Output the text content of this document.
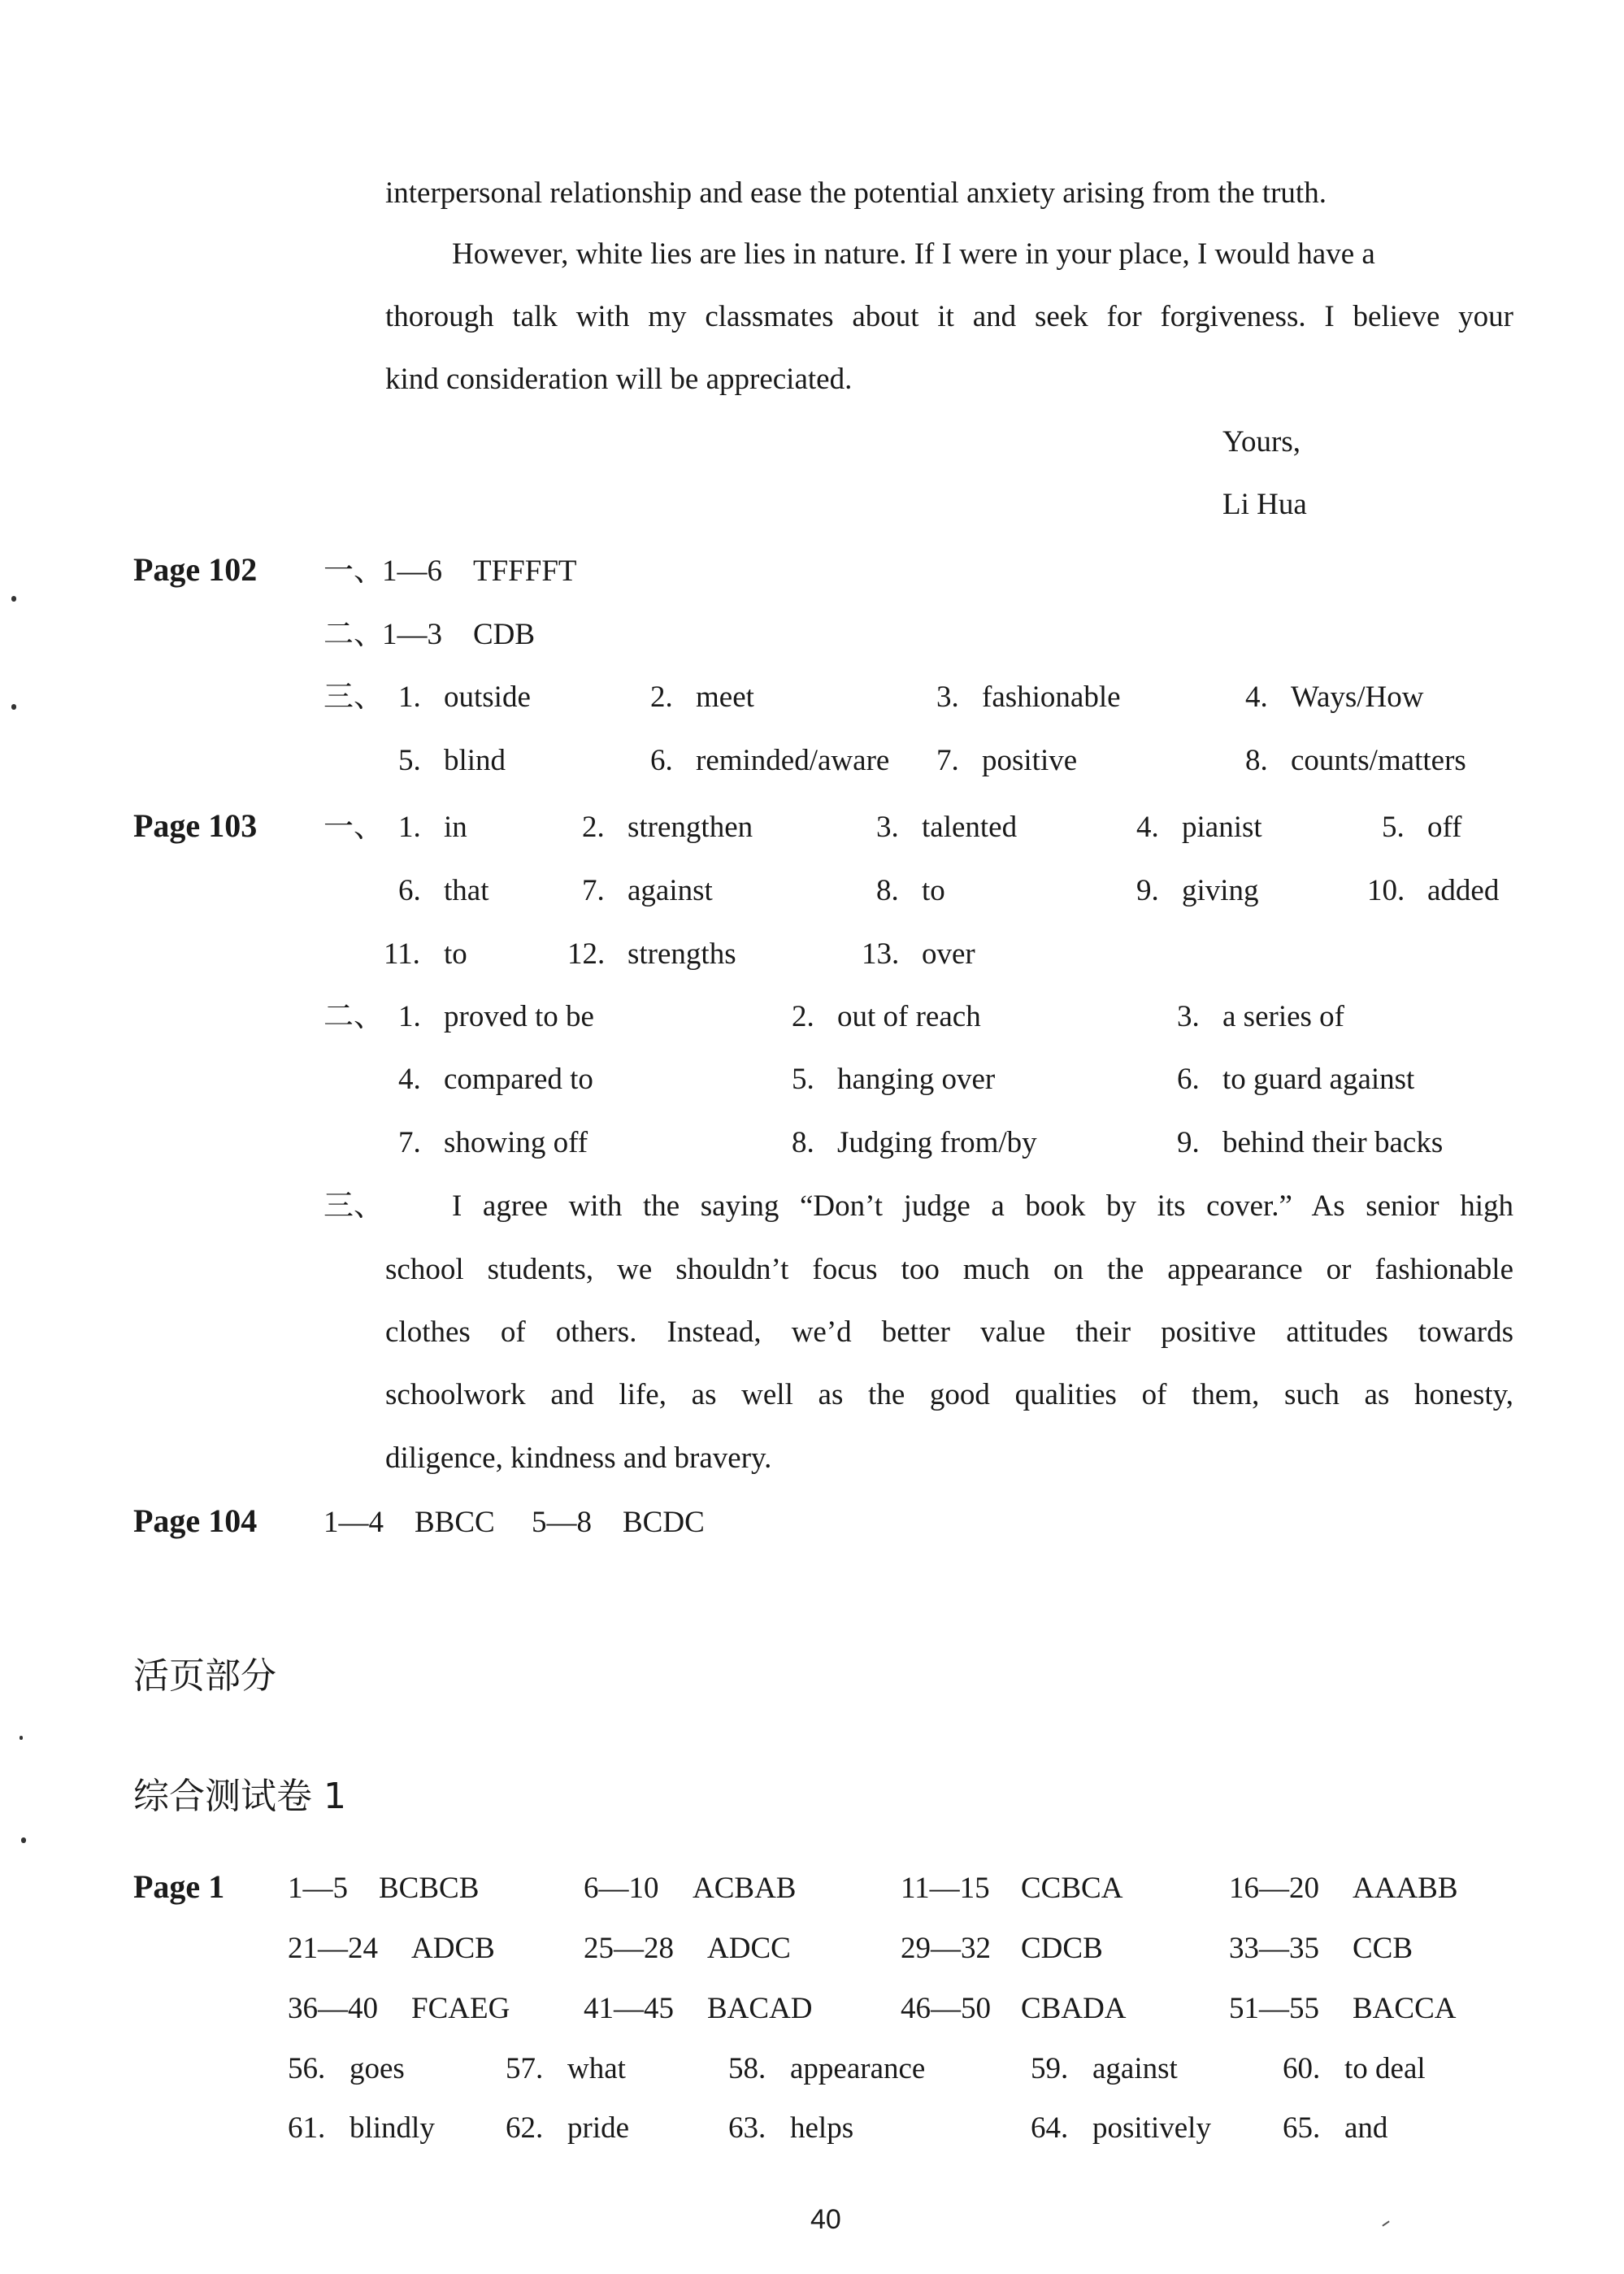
interpersonal relationship and ease the potential anxiety arising from the truth.
However, white lies are lies in nature. If I were in your place, I would have a
thorough talk with my classmates about it and seek for forgiveness. I believe your
kind consideration will be appreciated.
Yours,
Li Hua
Page 102 一、
1—6 TFFFFT
二、
1—3 CDB
三、 1. outside	2. meet	3. fashionable	4. Ways/How
5. blind	6. reminded/aware 7. positive	8. counts/matters
Page 103 一、 1. in	2. strengthen	3. talented	4. pianist	5. off
6. that	7. against	8. to	9. giving	10. added
11. to	12. strengths	13. over
二、 1. proved to be	2. out of reach	3. a series of
4. compared to	5. hanging over	6. to guard against
7. showing off	8. Judging from/by	9. behind their backs
三、 I agree with the saying “Don’t judge a book by its cover.” As senior high
school students, we shouldn’t focus too much on the appearance or fashionable
clothes of others. Instead, we’d better value their positive attitudes towards
schoolwork and life, as well as the good qualities of them, such as honesty,
diligence, kindness and bravery.
Page 104 1—4 BBCC 5—8 BCDC
活页部分
综合测试卷 1
Page 1 1—5 BCBCB	6—10 ACBAB	11—15 CCBCA	16—20 AAABB
21—24 ADCB	25—28 ADCC	29—32 CDCB	33—35 CCB
36—40 FCAEG 41—45 BACAD	46—50 CBADA	51—55 BACCA
56. goes	57. what	58. appearance	59. against	60. to deal
61. blindly 62. pride	63. helps	64. positively 65. and
40
